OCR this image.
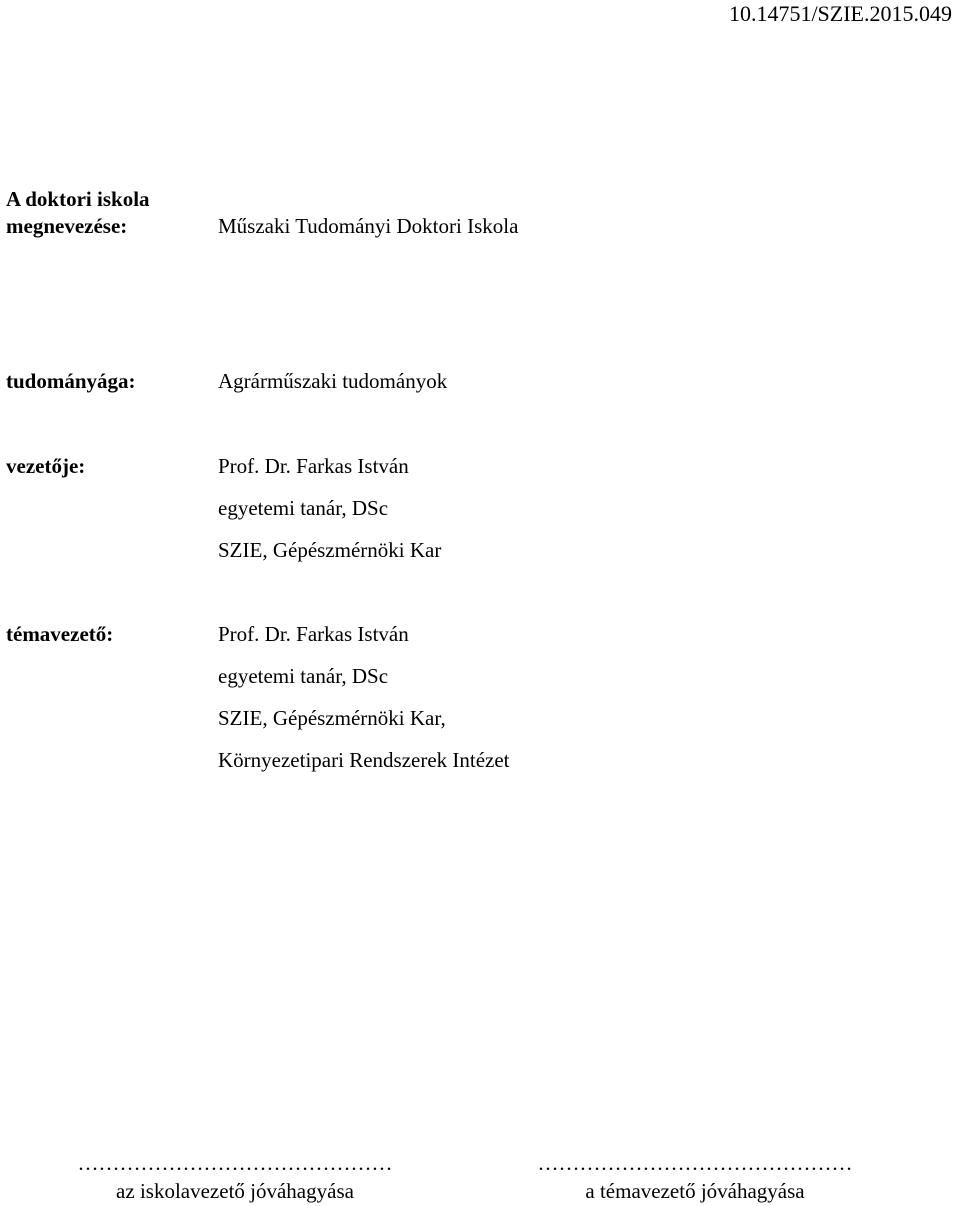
10.14751/SZIE.2015.049
A doktori iskola
megnevezése:	Műszaki Tudományi Doktori Iskola
tudományága:	Agrárműszaki tudományok
vezetője:	Prof. Dr. Farkas István
egyetemi tanár, DSc
SZIE, Gépészmérnöki Kar
témavezető:	Prof. Dr. Farkas István
egyetemi tanár, DSc
SZIE, Gépészmérnöki Kar,
Környezetipari Rendszerek Intézet
………………………………………
az iskolavezető jóváhagyása
………………………………………
a témavezető jóváhagyása
